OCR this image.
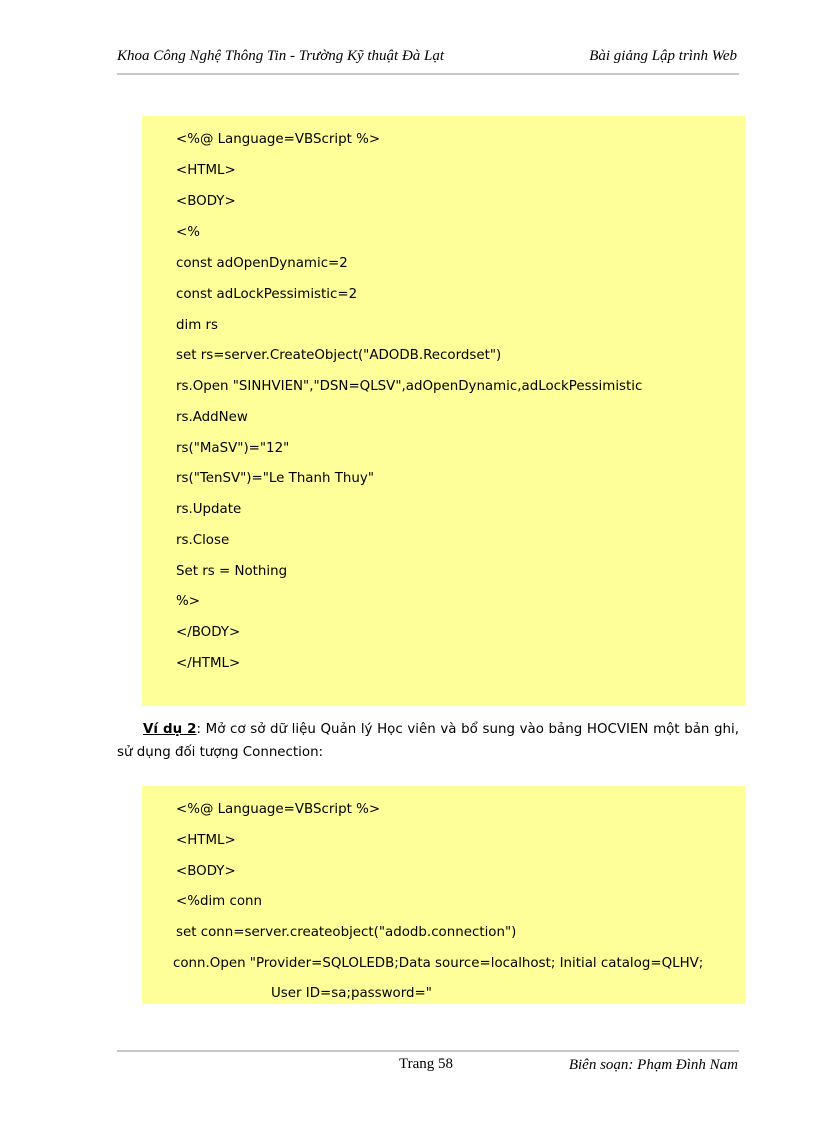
Khoa Công Nghệ Thông Tin - Trường Kỹ thuật Đà Lạt	Bài giảng Lập trình Web
<%@ Language=VBScript %>
<HTML>
<BODY>
<%
const adOpenDynamic=2
const adLockPessimistic=2
dim rs
set rs=server.CreateObject("ADODB.Recordset")
rs.Open "SINHVIEN","DSN=QLSV",adOpenDynamic,adLockPessimistic
rs.AddNew
rs("MaSV")="12"
rs("TenSV")="Le Thanh Thuy"
rs.Update
rs.Close
Set rs = Nothing
%>
</BODY>
</HTML>
Ví dụ 2: Mở cơ sở dữ liệu Quản lý Học viên và bổ sung vào bảng HOCVIEN một bản ghi, sử dụng đối tượng Connection:
<%@ Language=VBScript %>
<HTML>
<BODY>
<%dim conn
set conn=server.createobject("adodb.connection")
conn.Open "Provider=SQLOLEDB;Data source=localhost; Initial catalog=QLHV;
User ID=sa;password="
Trang 58	Biên soạn: Phạm Đình Nam
